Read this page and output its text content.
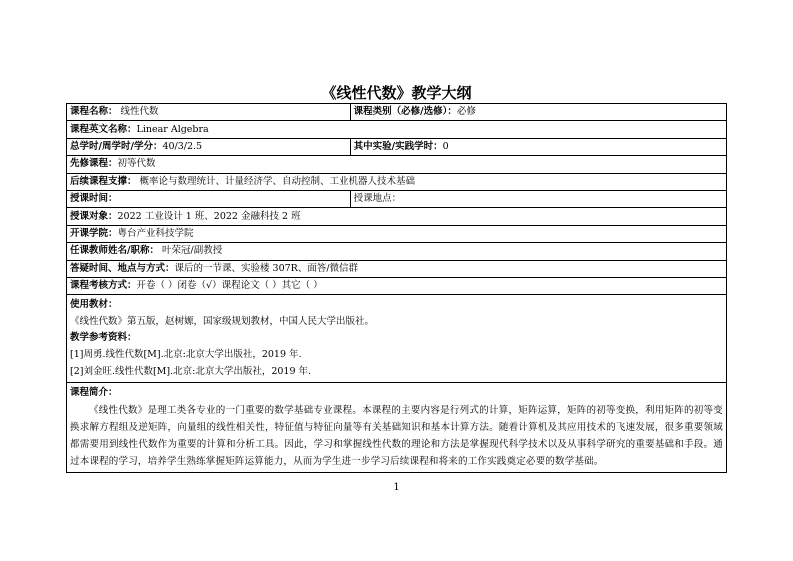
《线性代数》教学大纲
课程名称： 线性代数	课程类别（必修/选修）：必修
课程英文名称：Linear Algebra	
总学时/周学时/学分：40/3/2.5	其中实验/实践学时：0
先修课程：初等代数	
后续课程支撑： 概率论与数理统计、计量经济学、自动控制、工业机器人技术基础	
授课时间：	授课地点：
授课对象：2022 工业设计 1 班、2022 金融科技 2 班	
开课学院：粤台产业科技学院	
任课教师姓名/职称： 叶荣冠/副教授	
答疑时间、地点与方式：课后的一节课、实验楼 307R、面答/微信群	
课程考核方式：开卷（ ）闭卷（√）课程论文（ ）其它（ ）	

使用教材：
《线性代数》第五版，赵树嫄，国家级规划教材，中国人民大学出版社。
教学参考资料：
[1]周勇.线性代数[M].北京:北京大学出版社，2019 年.
[2]刘金旺.线性代数[M].北京:北京大学出版社，2019 年.	

课程简介：
《线性代数》是理工类各专业的一门重要的数学基础专业课程。本课程的主要内容是行列式的计算，矩阵运算，矩阵的初等变换，利用矩阵的初等变换求解方程组及逆矩阵，向量组的线性相关性，特征值与特征向量等有关基础知识和基本计算方法。随着计算机及其应用技术的飞速发展，很多重要领域都需要用到线性代数作为重要的计算和分析工具。因此，学习和掌握线性代数的理论和方法是掌握现代科学技术以及从事科学研究的重要基础和手段。通过本课程的学习，培养学生熟练掌握矩阵运算能力，从而为学生进一步学习后续课程和将来的工作实践奠定必要的数学基础。	
1
